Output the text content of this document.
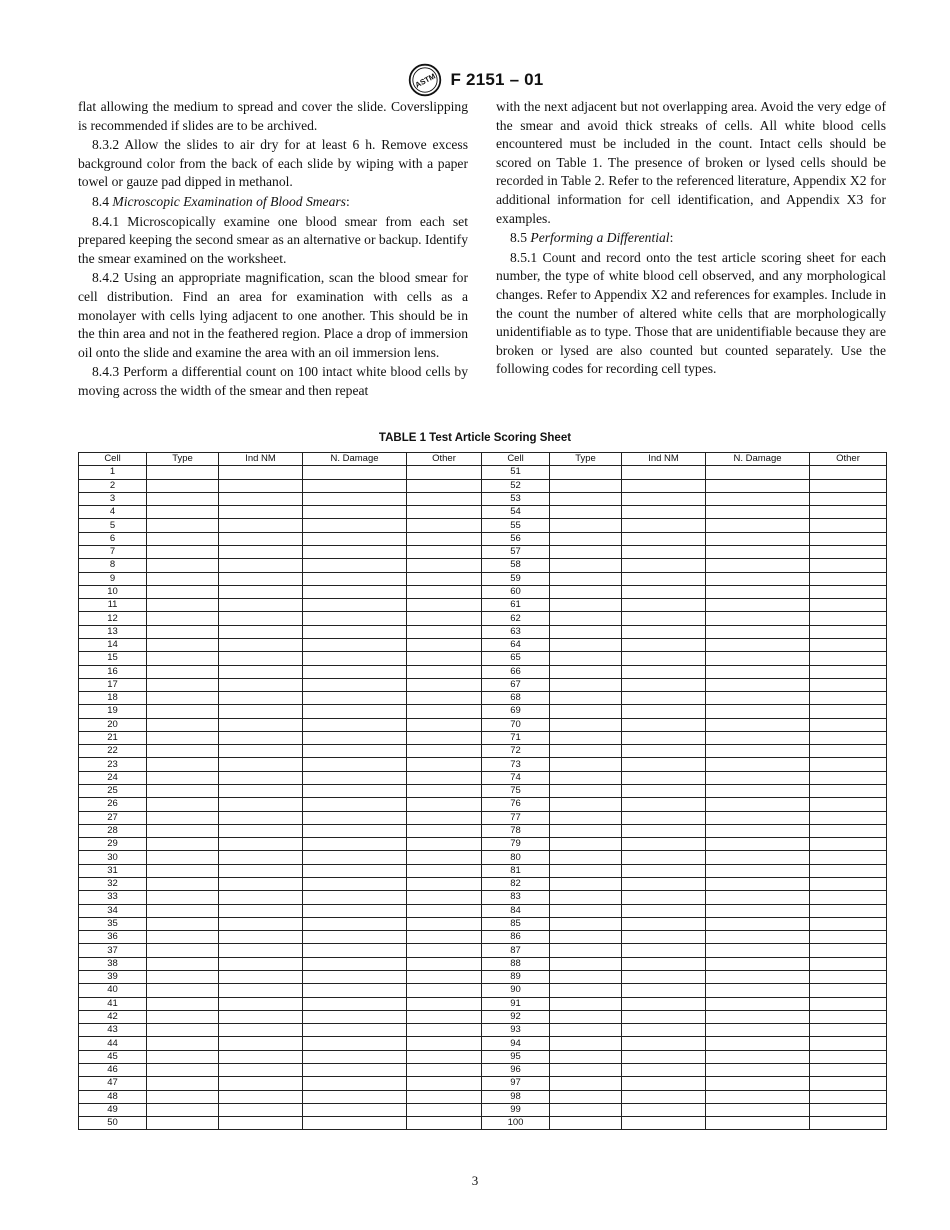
ASTM F 2151 – 01

flat allowing the medium to spread and cover the slide. Coverslipping is recommended if slides are to be archived.

8.3.2 Allow the slides to air dry for at least 6 h. Remove excess background color from the back of each slide by wiping with a paper towel or gauze pad dipped in methanol.

8.4 Microscopic Examination of Blood Smears:

8.4.1 Microscopically examine one blood smear from each set prepared keeping the second smear as an alternative or backup. Identify the smear examined on the worksheet.

8.4.2 Using an appropriate magnification, scan the blood smear for cell distribution. Find an area for examination with cells as a monolayer with cells lying adjacent to one another. This should be in the thin area and not in the feathered region. Place a drop of immersion oil onto the slide and examine the area with an oil immersion lens.

8.4.3 Perform a differential count on 100 intact white blood cells by moving across the width of the smear and then repeat

with the next adjacent but not overlapping area. Avoid the very edge of the smear and avoid thick streaks of cells. All white blood cells encountered must be included in the count. Intact cells should be scored on Table 1. The presence of broken or lysed cells should be recorded in Table 2. Refer to the referenced literature, Appendix X2 for additional information for cell identification, and Appendix X3 for examples.

8.5 Performing a Differential:

8.5.1 Count and record onto the test article scoring sheet for each number, the type of white blood cell observed, and any morphological changes. Refer to Appendix X2 and references for examples. Include in the count the number of altered white cells that are morphologically unidentifiable as to type. Those that are unidentifiable because they are broken or lysed are also counted but counted separately. Use the following codes for recording cell types.

TABLE 1 Test Article Scoring Sheet
Cell	Type	Ind NM	N. Damage	Other	Cell	Type	Ind NM	N. Damage	Other
1					51				
2					52				
3					53				
4					54				
5					55				
6					56				
7					57				
8					58				
9					59				
10					60				
11					61				
12					62				
13					63				
14					64				
15					65				
16					66				
17					67				
18					68				
19					69				
20					70				
21					71				
22					72				
23					73				
24					74				
25					75				
26					76				
27					77				
28					78				
29					79				
30					80				
31					81				
32					82				
33					83				
34					84				
35					85				
36					86				
37					87				
38					88				
39					89				
40					90				
41					91				
42					92				
43					93				
44					94				
45					95				
46					96				
47					97				
48					98				
49					99				
50					100				
3
